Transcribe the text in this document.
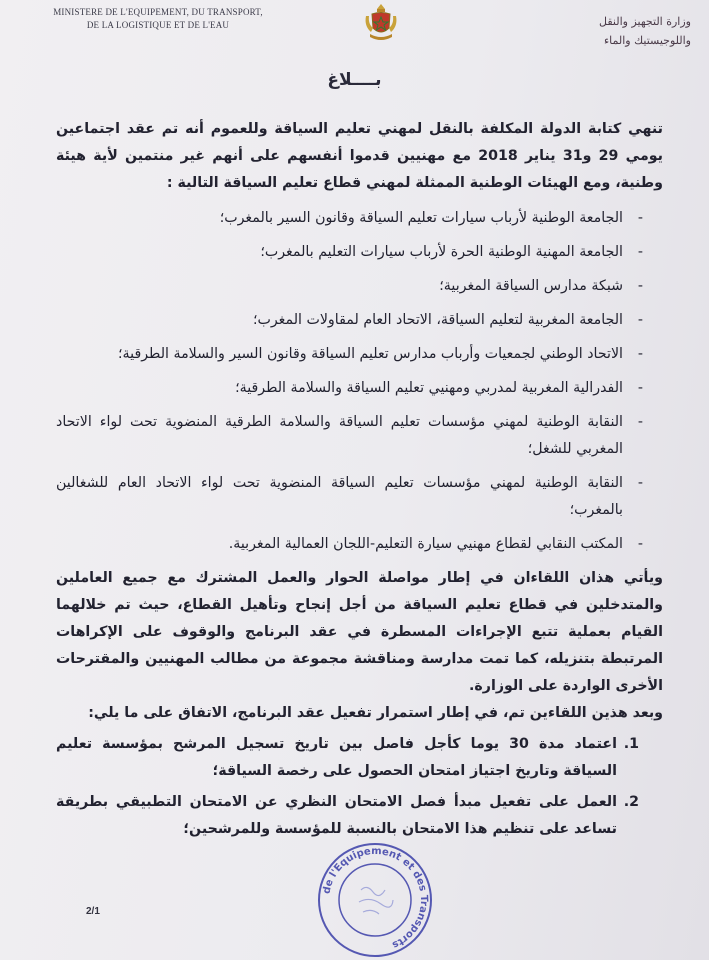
MINISTERE DE L'EQUIPEMENT, DU TRANSPORT,
DE LA LOGISTIQUE ET DE L'EAU	وزارة التجهيز والنقل
واللوجيستيك والماء
بــــلاغ

تنهي كتابة الدولة المكلفة بالنقل لمهني تعليم السياقة وللعموم أنه تم عقد اجتماعين يومي 29 و31 يناير 2018 مع مهنيين قدموا أنفسهم على أنهم غير منتمين لأية هيئة وطنية، ومع الهيئات الوطنية الممثلة لمهني قطاع تعليم السياقة التالية :

-
الجامعة الوطنية لأرباب سيارات تعليم السياقة وقانون السير بالمغرب؛
-
الجامعة المهنية الوطنية الحرة لأرباب سيارات التعليم بالمغرب؛
-
شبكة مدارس السياقة المغربية؛
-
الجامعة المغربية لتعليم السياقة، الاتحاد العام لمقاولات المغرب؛
-
الاتحاد الوطني لجمعيات وأرباب مدارس تعليم السياقة وقانون السير والسلامة الطرقية؛
-
الفدرالية المغربية لمدربي ومهنيي تعليم السياقة والسلامة الطرقية؛
-
النقابة الوطنية لمهني مؤسسات تعليم السياقة والسلامة الطرقية المنضوية تحت لواء الاتحاد المغربي للشغل؛
-
النقابة الوطنية لمهني مؤسسات تعليم السياقة المنضوية تحت لواء الاتحاد العام للشغالين بالمغرب؛
-
المكتب النقابي لقطاع مهنيي سيارة التعليم-اللجان العمالية المغربية.

ويأتي هذان اللقاءان في إطار مواصلة الحوار والعمل المشترك مع جميع العاملين والمتدخلين في قطاع تعليم السياقة من أجل إنجاح وتأهيل القطاع، حيث تم خلالهما القيام بعملية تتبع الإجراءات المسطرة في عقد البرنامج والوقوف على الإكراهات المرتبطة بتنزيله، كما تمت مدارسة ومناقشة مجموعة من مطالب المهنيين والمقترحات الأخرى الواردة على الوزارة.

وبعد هذين اللقاءين تم، في إطار استمرار تفعيل عقد البرنامج، الاتفاق على ما يلي:

1.
اعتماد مدة 30 يوما كأجل فاصل بين تاريخ تسجيل المرشح بمؤسسة تعليم السياقة وتاريخ اجتياز امتحان الحصول على رخصة السياقة؛
2.
العمل على تفعيل مبدأ فصل الامتحان النظري عن الامتحان التطبيقي بطريقة تساعد على تنظيم هذا الامتحان بالنسبة للمؤسسة وللمرشحين؛
de l'Equipement et des Transports
2/1
